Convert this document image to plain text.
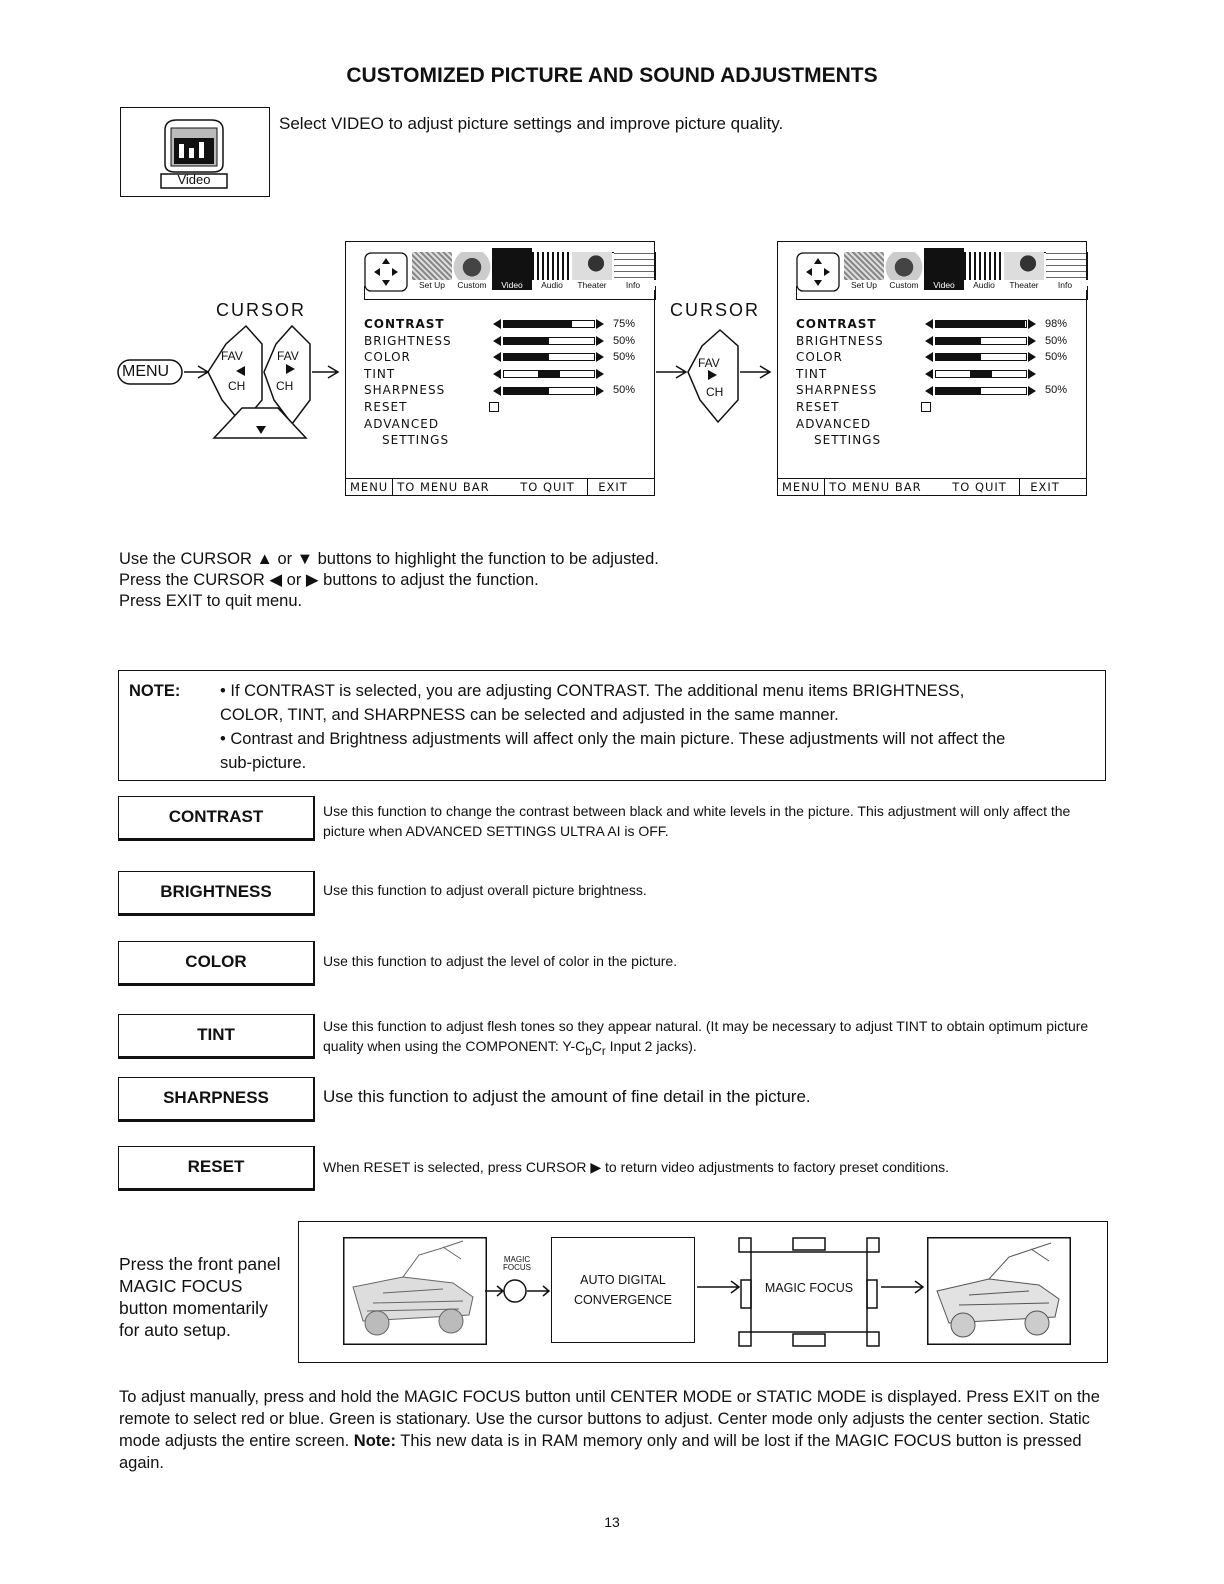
CUSTOMIZED PICTURE AND SOUND ADJUSTMENTS
Video
Select VIDEO to adjust picture settings and improve picture quality.
CURSOR
MENU
FAV
CH
FAV
CH
CURSOR
FAV
CH
Set Up	Custom	Video	Audio	Theater	Info
CONTRAST	75%
BRIGHTNESS	50%
COLOR	50%
TINT
SHARPNESS	50%
RESET
ADVANCED
SETTINGS
MENU TO MENU BAR	TO QUIT	EXIT
Set Up	Custom	Video	Audio	Theater	Info
CONTRAST	98%
BRIGHTNESS	50%
COLOR	50%
TINT
SHARPNESS	50%
RESET
ADVANCED
SETTINGS
MENU TO MENU BAR	TO QUIT	EXIT
Use the CURSOR ▲ or ▼ buttons to highlight the function to be adjusted.
Press the CURSOR ◀ or ▶ buttons to adjust the function.
Press EXIT to quit menu.
NOTE: • If CONTRAST is selected, you are adjusting CONTRAST. The additional menu items BRIGHTNESS,
COLOR, TINT, and SHARPNESS can be selected and adjusted in the same manner.
• Contrast and Brightness adjustments will affect only the main picture. These adjustments will not affect the
sub-picture.
CONTRAST	Use this function to change the contrast between black and white levels in the picture. This adjustment will only affect the picture when ADVANCED SETTINGS ULTRA AI is OFF.
BRIGHTNESS	Use this function to adjust overall picture brightness.
COLOR	Use this function to adjust the level of color in the picture.
TINT	Use this function to adjust flesh tones so they appear natural. (It may be necessary to adjust TINT to obtain optimum picture quality when using the COMPONENT: $Y-C_bC_r$ Input 2 jacks).
SHARPNESS	Use this function to adjust the amount of fine detail in the picture.
RESET	When RESET is selected, press CURSOR ▶ to return video adjustments to factory preset conditions.
Press the front panel
MAGIC FOCUS
button momentarily
for auto setup.
MAGIC
FOCUS
AUTO DIGITAL
CONVERGENCE
MAGIC FOCUS
To adjust manually, press and hold the MAGIC FOCUS button until CENTER MODE or STATIC MODE is displayed. Press EXIT on the remote to select red or blue. Green is stationary. Use the cursor buttons to adjust. Center mode only adjusts the center section. Static mode adjusts the entire screen. Note: This new data is in RAM memory only and will be lost if the MAGIC FOCUS button is pressed again.
13
